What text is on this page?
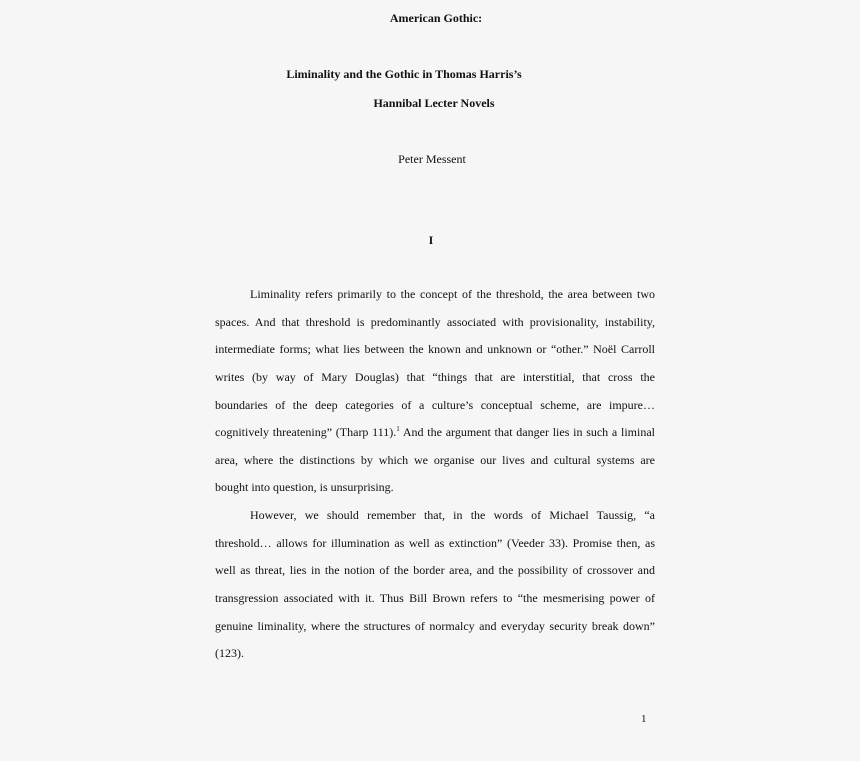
American Gothic:
Liminality and the Gothic in Thomas Harris’s
Hannibal Lecter Novels
Peter Messent
I
Liminality refers primarily to the concept of the threshold, the area between two
spaces. And that threshold is predominantly associated with provisionality, instability,
intermediate forms; what lies between the known and unknown or “other.” Noël Carroll
writes (by way of Mary Douglas) that “things that are interstitial, that cross the
boundaries of the deep categories of a culture’s conceptual scheme, are impure…
cognitively threatening” (Tharp 111).$^1$ And the argument that danger lies in such a liminal
area, where the distinctions by which we organise our lives and cultural systems are
bought into question, is unsurprising.
However, we should remember that, in the words of Michael Taussig, “a
threshold… allows for illumination as well as extinction” (Veeder 33). Promise then, as
well as threat, lies in the notion of the border area, and the possibility of crossover and
transgression associated with it. Thus Bill Brown refers to “the mesmerising power of
genuine liminality, where the structures of normalcy and everyday security break down”
(123).
1
